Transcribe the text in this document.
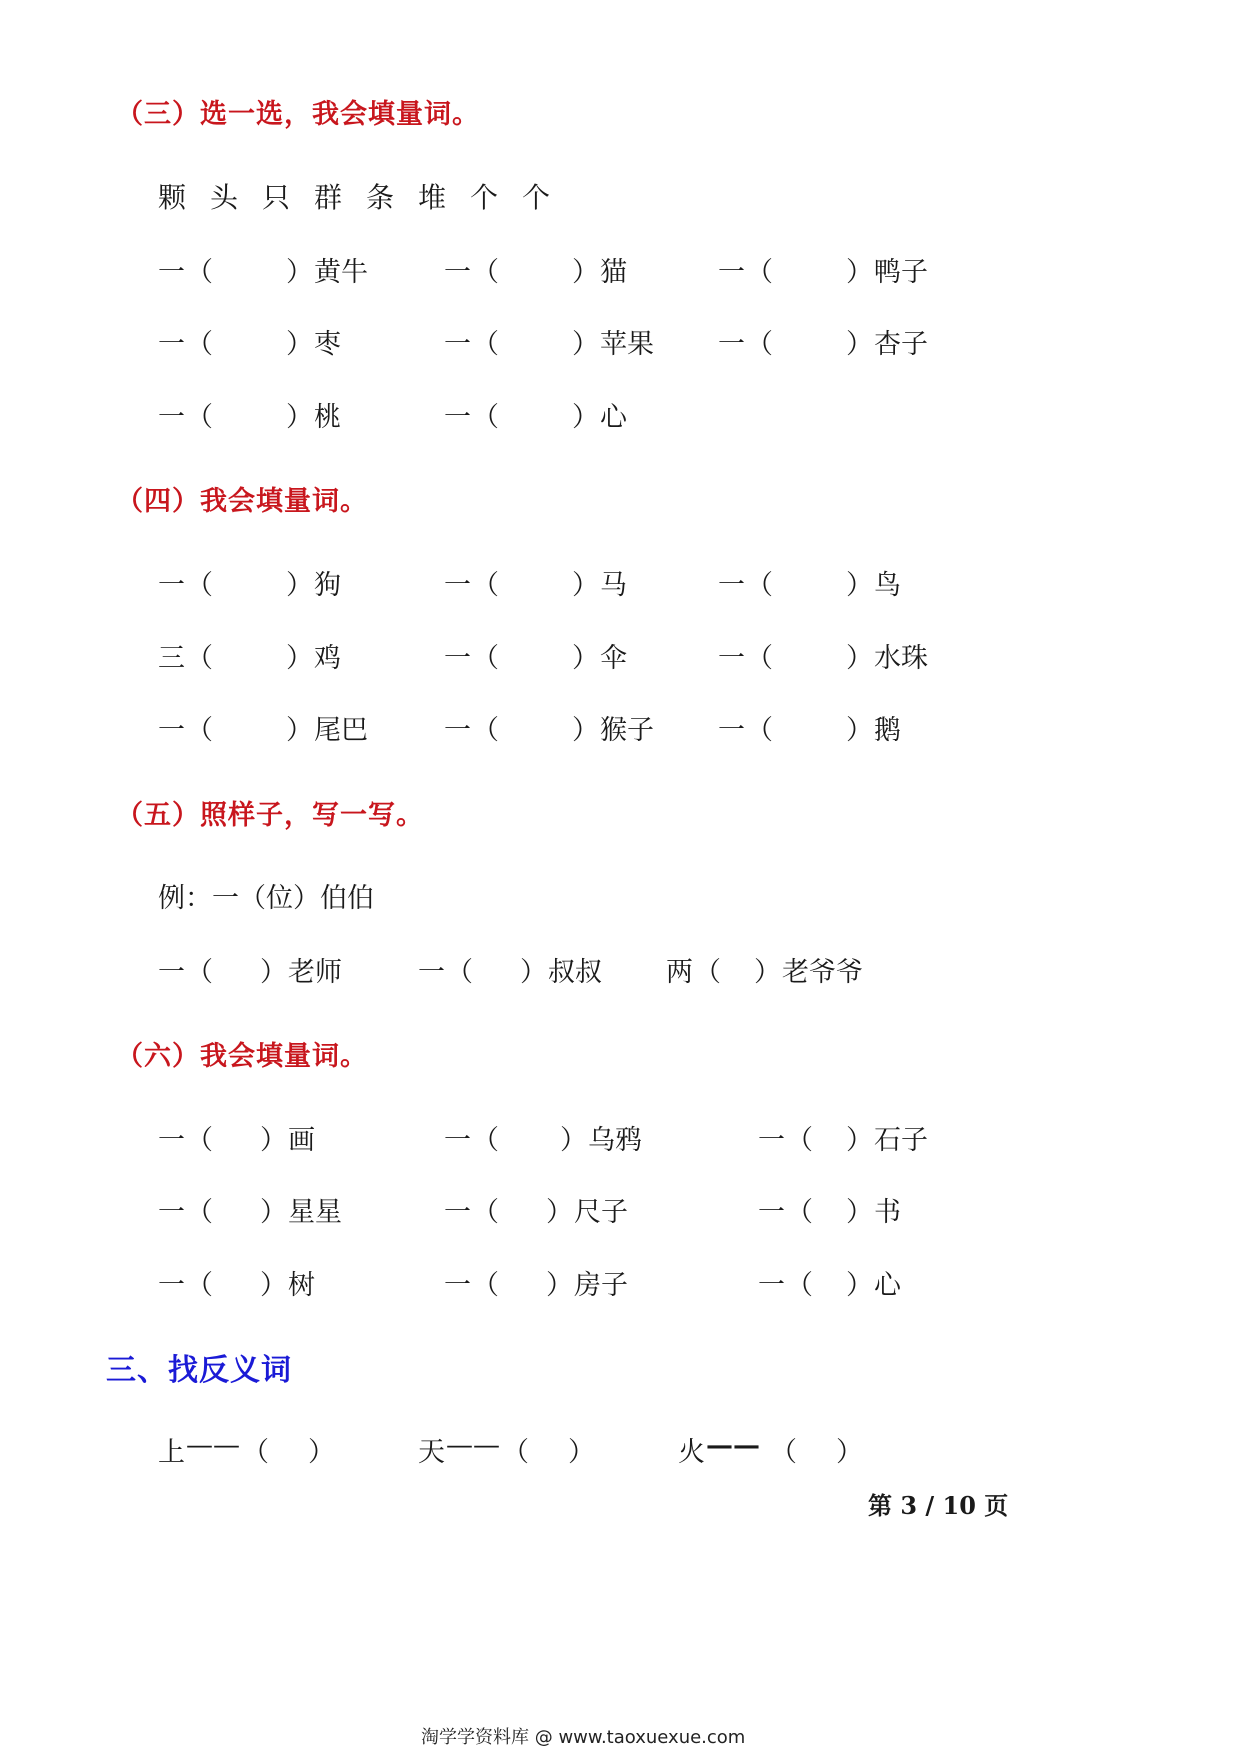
（三）选一选，我会填量词。
颗 头 只 群 条 堆 个 个
一 （	） 黄牛	一 （	） 猫	一 （	） 鸭子
一 （	） 枣	一 （	） 苹果 一 （	） 杏子
一 （	） 桃	一 （	） 心
（四）我会填量词。
一 （	） 狗	一 （	） 马	一 （	） 鸟
三 （	） 鸡	一 （	） 伞	一 （	） 水珠
一 （	） 尾巴	一 （	） 猴子 一 （	） 鹅
（五）照样子，写一写。
例：一（位）伯伯
一 （ ） 老师	一 （ ） 叔叔 两 （ ） 老爷爷
（六）我会填量词。
一 （ ） 画	一 （ ） 乌鸦	一 （ ） 石子
一 （ ） 星星	一 （ ） 尺子	一 （ ） 书
一 （ ） 树	一 （ ） 房子	一 （ ） 心
三、找反义词
上 —— （ ）	天 —— （ ）	火 —— （ ）
第 3 / 10 页
淘学学资料库 @ www.taoxuexue.com
